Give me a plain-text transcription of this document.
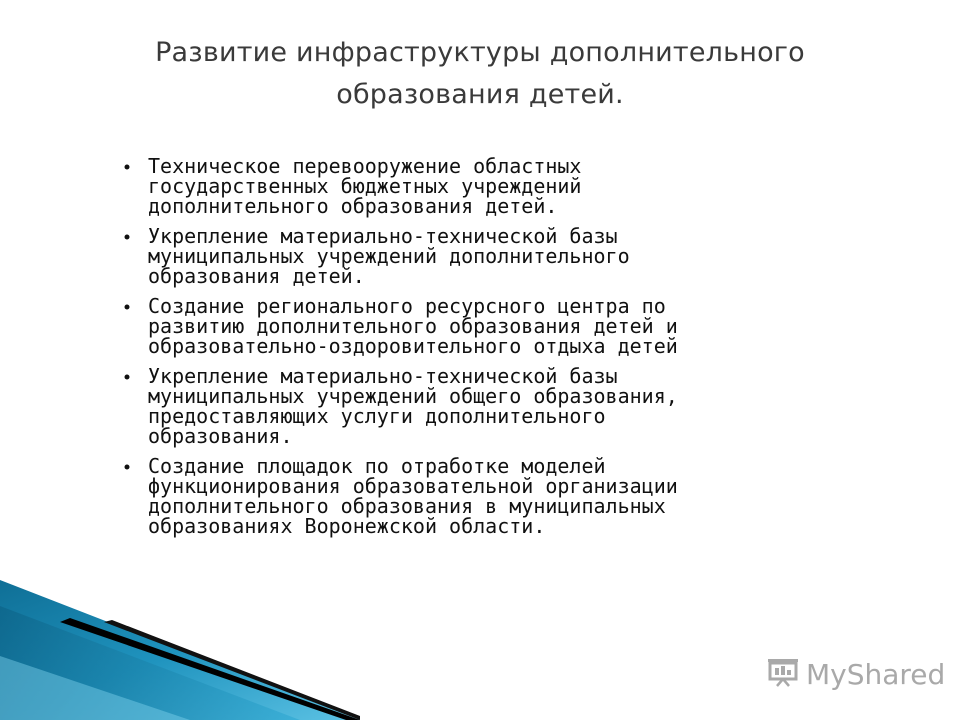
Развитие инфраструктуры дополнительного
образования детей.
Техническое перевооружение областных
государственных бюджетных учреждений
дополнительного образования детей.
Укрепление материально-технической базы
муниципальных учреждений дополнительного
образования детей.
Создание регионального ресурсного центра по
развитию дополнительного образования детей и
образовательно-оздоровительного отдыха детей
Укрепление материально-технической базы
муниципальных учреждений общего образования,
предоставляющих услуги дополнительного
образования.
Создание площадок по отработке моделей
функционирования образовательной организации
дополнительного образования в муниципальных
образованиях Воронежской области.
MyShared
